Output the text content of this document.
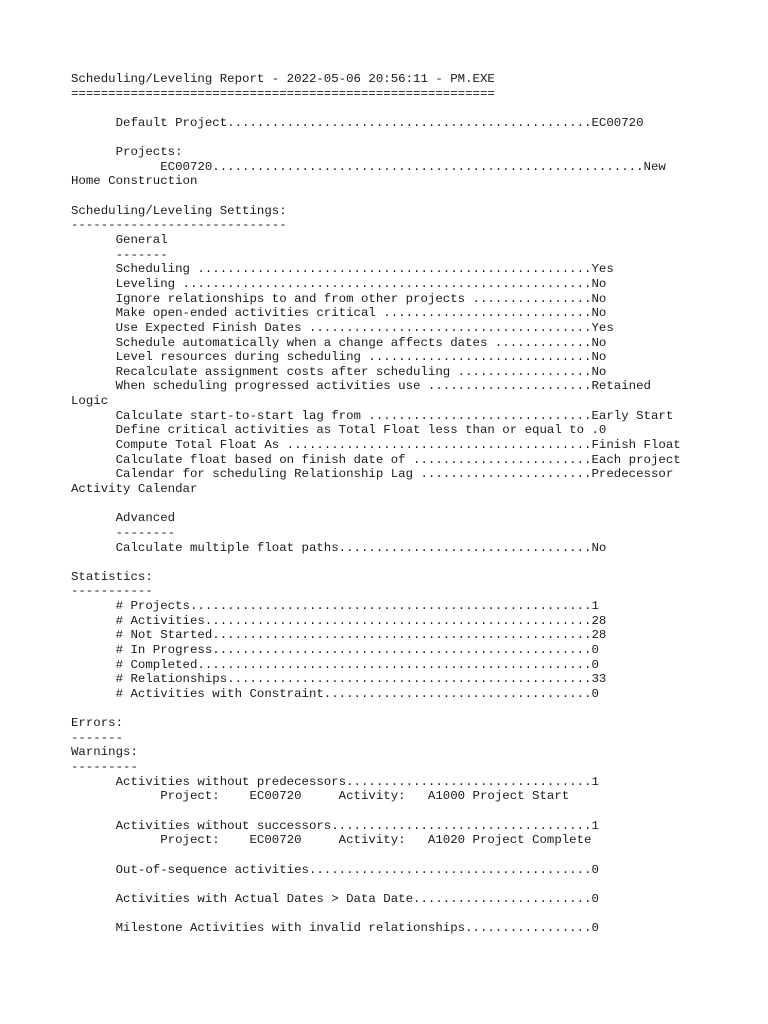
Scheduling/Leveling Report - 2022-05-06 20:56:11 - PM.EXE
=========================================================
Default Project.................................................EC00720
Projects:
EC00720..........................................................New
Home Construction
Scheduling/Leveling Settings:
-----------------------------
General
-------
Scheduling .....................................................Yes
Leveling .......................................................No
Ignore relationships to and from other projects ................No
Make open-ended activities critical ............................No
Use Expected Finish Dates ......................................Yes
Schedule automatically when a change affects dates .............No
Level resources during scheduling ..............................No
Recalculate assignment costs after scheduling ..................No
When scheduling progressed activities use ......................Retained
Logic
Calculate start-to-start lag from ..............................Early Start
Define critical activities as Total Float less than or equal to .0
Compute Total Float As .........................................Finish Float
Calculate float based on finish date of ........................Each project
Calendar for scheduling Relationship Lag .......................Predecessor
Activity Calendar
Advanced
--------
Calculate multiple float paths..................................No
Statistics:
-----------
# Projects......................................................1
# Activities....................................................28
# Not Started...................................................28
# In Progress...................................................0
# Completed.....................................................0
# Relationships.................................................33
# Activities with Constraint....................................0
Errors:
-------
Warnings:
---------
Activities without predecessors.................................1
Project:    EC00720     Activity:   A1000 Project Start
Activities without successors...................................1
Project:    EC00720     Activity:   A1020 Project Complete
Out-of-sequence activities......................................0
Activities with Actual Dates > Data Date........................0
Milestone Activities with invalid relationships.................0
